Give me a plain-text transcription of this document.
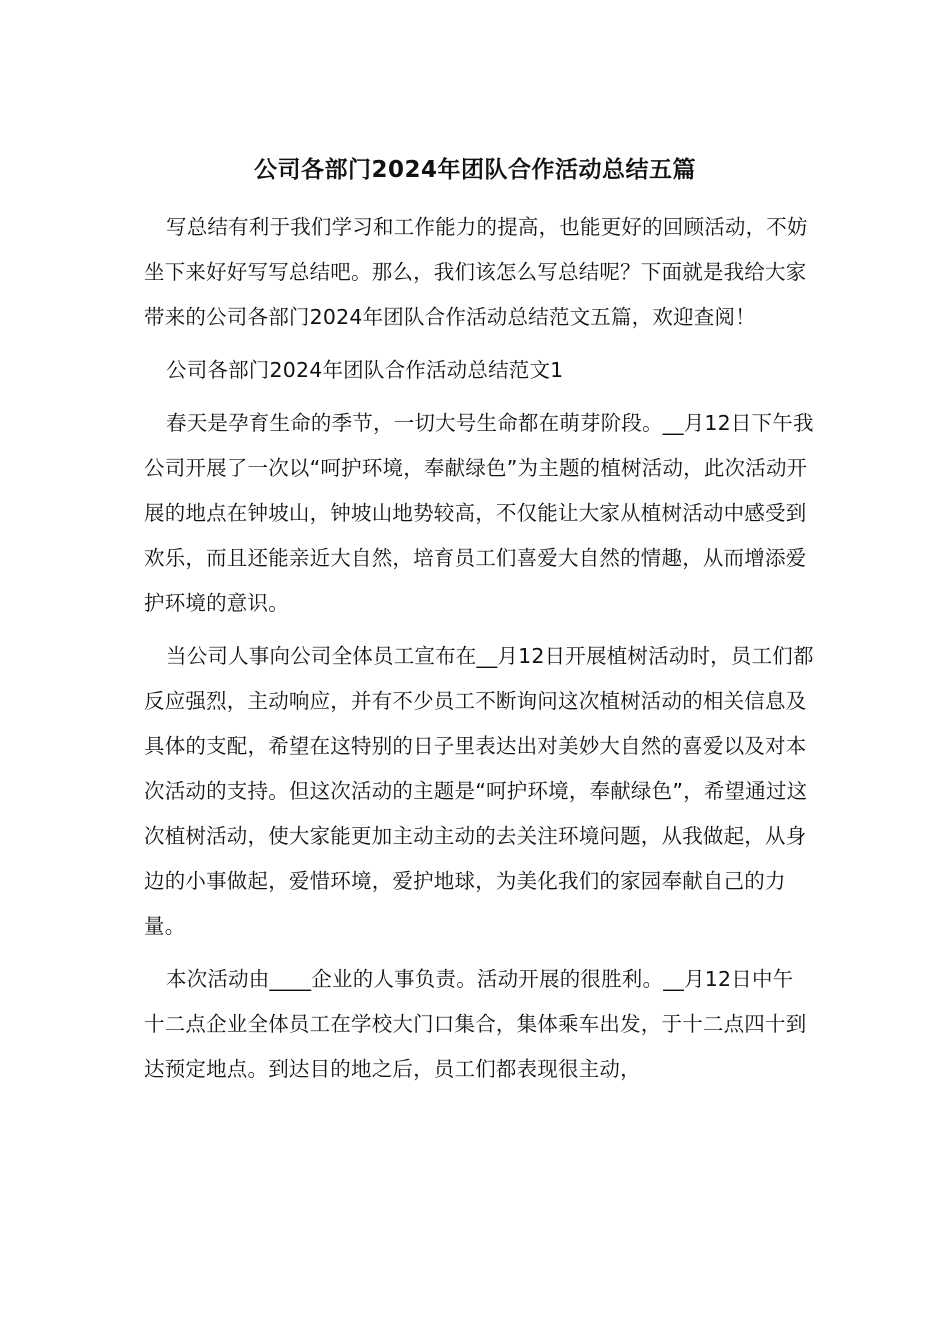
公司各部门2024年团队合作活动总结五篇

写总结有利于我们学习和工作能力的提高，也能更好的回顾活动，不妨坐下来好好写写总结吧。那么，我们该怎么写总结呢？下面就是我给大家带来的公司各部门2024年团队合作活动总结范文五篇，欢迎查阅！

公司各部门2024年团队合作活动总结范文1

春天是孕育生命的季节，一切大号生命都在萌芽阶段。__月12日下午我公司开展了一次以“呵护环境，奉献绿色”为主题的植树活动，此次活动开展的地点在钟坡山，钟坡山地势较高，不仅能让大家从植树活动中感受到欢乐，而且还能亲近大自然，培育员工们喜爱大自然的情趣，从而增添爱护环境的意识。

当公司人事向公司全体员工宣布在__月12日开展植树活动时，员工们都反应强烈，主动响应，并有不少员工不断询问这次植树活动的相关信息及具体的支配，希望在这特别的日子里表达出对美妙大自然的喜爱以及对本次活动的支持。但这次活动的主题是“呵护环境，奉献绿色”，希望通过这次植树活动，使大家能更加主动主动的去关注环境问题，从我做起，从身边的小事做起，爱惜环境，爱护地球，为美化我们的家园奉献自己的力量。

本次活动由____企业的人事负责。活动开展的很胜利。__月12日中午十二点企业全体员工在学校大门口集合，集体乘车出发，于十二点四十到达预定地点。到达目的地之后，员工们都表现很主动，
